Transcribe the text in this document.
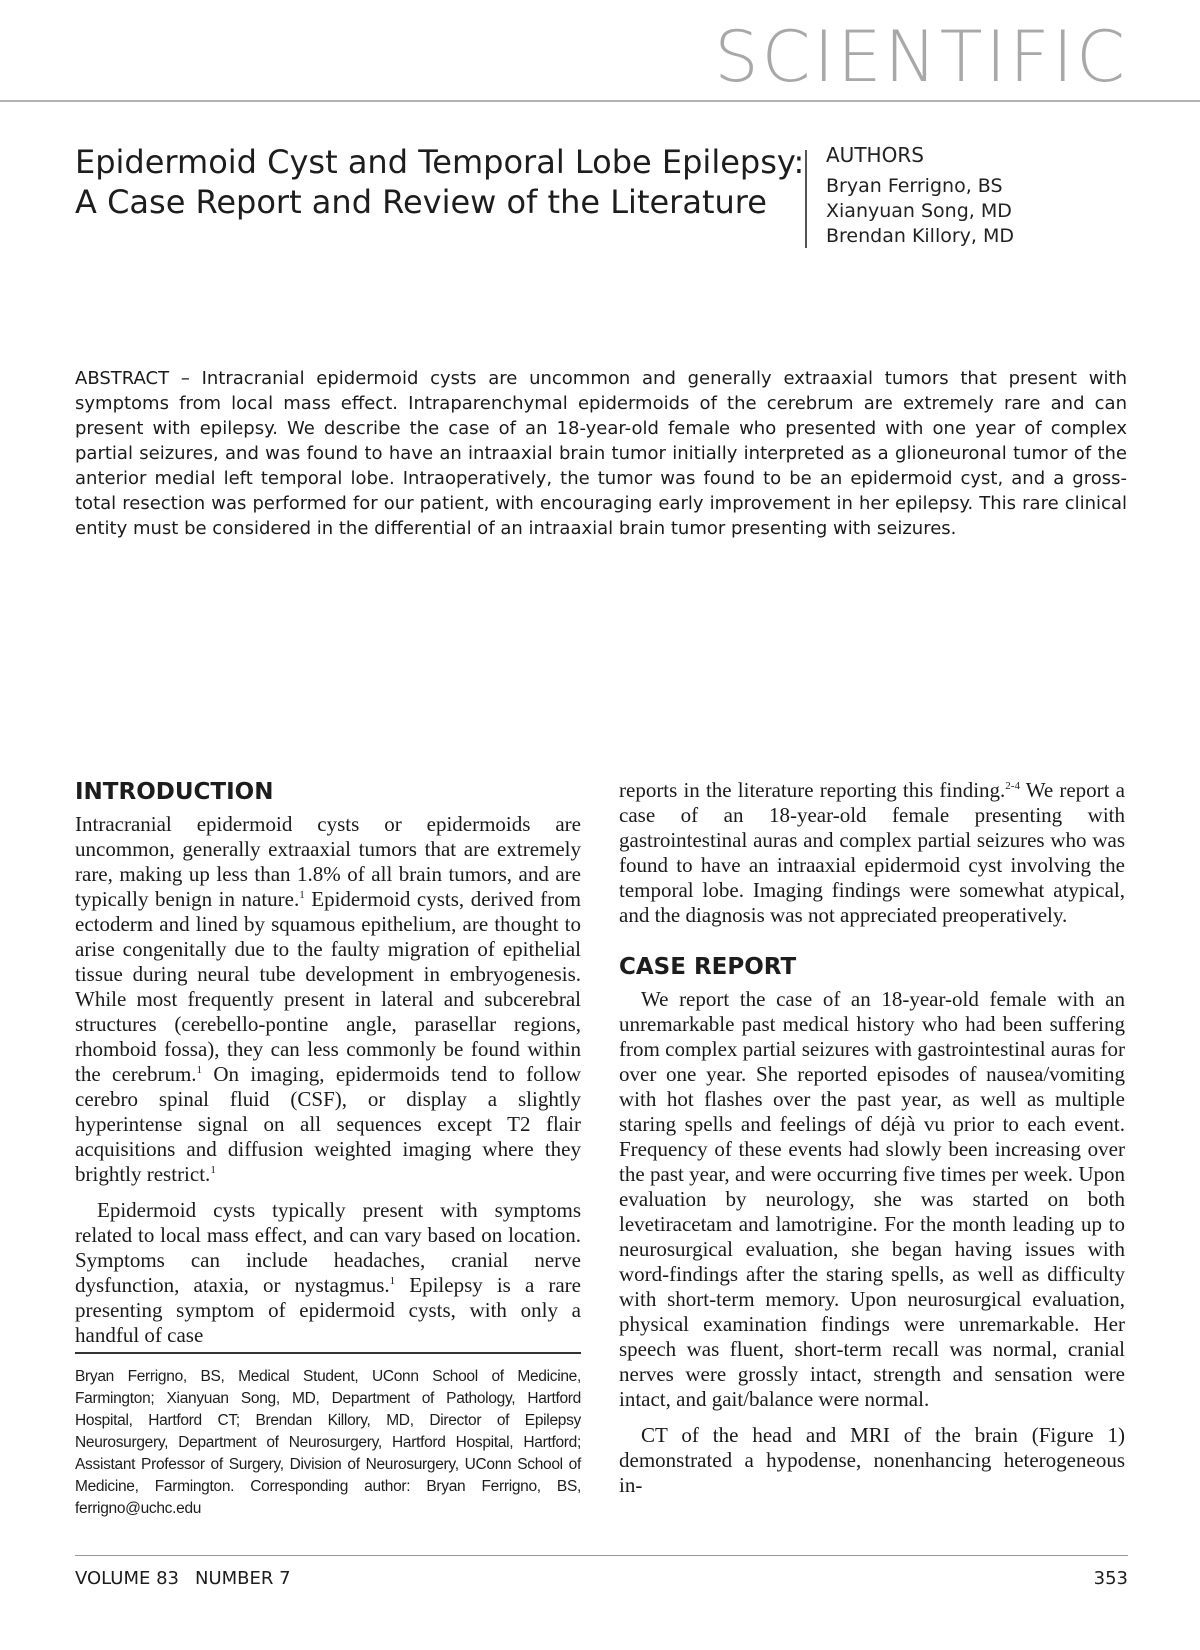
SCIENTIFIC
Epidermoid Cyst and Temporal Lobe Epilepsy:
A Case Report and Review of the Literature
AUTHORS
Bryan Ferrigno, BS
Xianyuan Song, MD
Brendan Killory, MD
ABSTRACT – Intracranial epidermoid cysts are uncommon and generally extraaxial tumors that present with symptoms from local mass effect. Intraparenchymal epidermoids of the cerebrum are extremely rare and can present with epilepsy. We describe the case of an 18-year-old female who presented with one year of complex partial seizures, and was found to have an intraaxial brain tumor initially interpreted as a glioneuronal tumor of the anterior medial left temporal lobe. Intraoperatively, the tumor was found to be an epidermoid cyst, and a gross-total resection was performed for our patient, with encouraging early improvement in her epilepsy. This rare clinical entity must be considered in the differential of an intraaxial brain tumor presenting with seizures.
INTRODUCTION

Intracranial epidermoid cysts or epidermoids are uncommon, generally extraaxial tumors that are extremely rare, making up less than 1.8% of all brain tumors, and are typically benign in nature.$^1$ Epidermoid cysts, derived from ectoderm and lined by squamous epithelium, are thought to arise congenitally due to the faulty migration of epithelial tissue during neural tube development in embryogenesis. While most frequently present in lateral and subcerebral structures (cerebello-pontine angle, parasellar regions, rhomboid fossa), they can less commonly be found within the cerebrum.$^1$ On imaging, epidermoids tend to follow cerebro spinal fluid (CSF), or display a slightly hyperintense signal on all sequences except T2 flair acquisitions and diffusion weighted imaging where they brightly restrict.$^1$

Epidermoid cysts typically present with symptoms related to local mass effect, and can vary based on location. Symptoms can include headaches, cranial nerve dysfunction, ataxia, or nystagmus.$^1$ Epilepsy is a rare presenting symptom of epidermoid cysts, with only a handful of case

reports in the literature reporting this finding.$^{2-4}$ We report a case of an 18-year-old female presenting with gastrointestinal auras and complex partial seizures who was found to have an intraaxial epidermoid cyst involving the temporal lobe. Imaging findings were somewhat atypical, and the diagnosis was not appreciated preoperatively.

CASE REPORT

We report the case of an 18-year-old female with an unremarkable past medical history who had been suffering from complex partial seizures with gastrointestinal auras for over one year. She reported episodes of nausea/vomiting with hot flashes over the past year, as well as multiple staring spells and feelings of déjà vu prior to each event. Frequency of these events had slowly been increasing over the past year, and were occurring five times per week. Upon evaluation by neurology, she was started on both levetiracetam and lamotrigine. For the month leading up to neurosurgical evaluation, she began having issues with word-findings after the staring spells, as well as difficulty with short-term memory. Upon neurosurgical evaluation, physical examination findings were unremarkable. Her speech was fluent, short-term recall was normal, cranial nerves were grossly intact, strength and sensation were intact, and gait/balance were normal.

CT of the head and MRI of the brain (Figure 1) demonstrated a hypodense, nonenhancing heterogeneous in-

Bryan Ferrigno, BS, Medical Student, UConn School of Medicine, Farmington; Xianyuan Song, MD, Department of Pathology, Hartford Hospital, Hartford CT; Brendan Killory, MD, Director of Epilepsy Neurosurgery, Department of Neurosurgery, Hartford Hospital, Hartford; Assistant Professor of Surgery, Division of Neurosurgery, UConn School of Medicine, Farmington. Corresponding author: Bryan Ferrigno, BS, ferrigno@uchc.edu
VOLUME 83 NUMBER 7	353
